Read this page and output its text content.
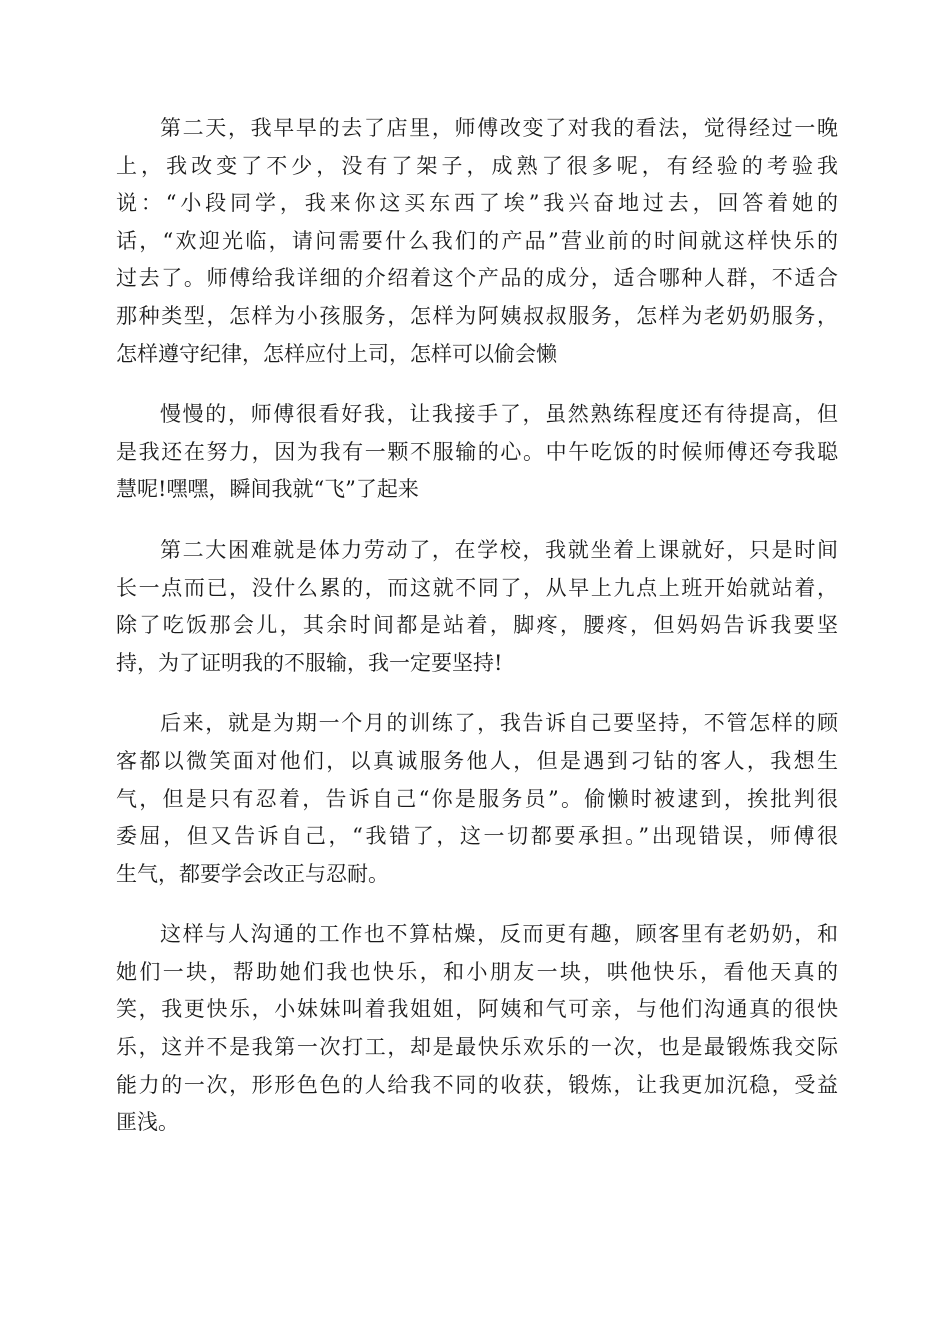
第二天，我早早的去了店里，师傅改变了对我的看法，觉得经过一晚
上，我改变了不少，没有了架子，成熟了很多呢，有经验的考验我
说：“小段同学，我来你这买东西了埃”我兴奋地过去，回答着她的
话，“欢迎光临，请问需要什么我们的产品”营业前的时间就这样快乐的
过去了。师傅给我详细的介绍着这个产品的成分，适合哪种人群，不适合
那种类型，怎样为小孩服务，怎样为阿姨叔叔服务，怎样为老奶奶服务，
怎样遵守纪律，怎样应付上司，怎样可以偷会懒
慢慢的，师傅很看好我，让我接手了，虽然熟练程度还有待提高，但
是我还在努力，因为我有一颗不服输的心。中午吃饭的时候师傅还夸我聪
慧呢!嘿嘿，瞬间我就“飞”了起来
第二大困难就是体力劳动了，在学校，我就坐着上课就好，只是时间
长一点而已，没什么累的，而这就不同了，从早上九点上班开始就站着，
除了吃饭那会儿，其余时间都是站着，脚疼，腰疼，但妈妈告诉我要坚
持，为了证明我的不服输，我一定要坚持!
后来，就是为期一个月的训练了，我告诉自己要坚持，不管怎样的顾
客都以微笑面对他们，以真诚服务他人，但是遇到刁钻的客人，我想生
气，但是只有忍着，告诉自己“你是服务员”。偷懒时被逮到，挨批判很
委屈，但又告诉自己，“我错了，这一切都要承担。”出现错误，师傅很
生气，都要学会改正与忍耐。
这样与人沟通的工作也不算枯燥，反而更有趣，顾客里有老奶奶，和
她们一块，帮助她们我也快乐，和小朋友一块，哄他快乐，看他天真的
笑，我更快乐，小妹妹叫着我姐姐，阿姨和气可亲，与他们沟通真的很快
乐，这并不是我第一次打工，却是最快乐欢乐的一次，也是最锻炼我交际
能力的一次，形形色色的人给我不同的收获，锻炼，让我更加沉稳，受益
匪浅。
